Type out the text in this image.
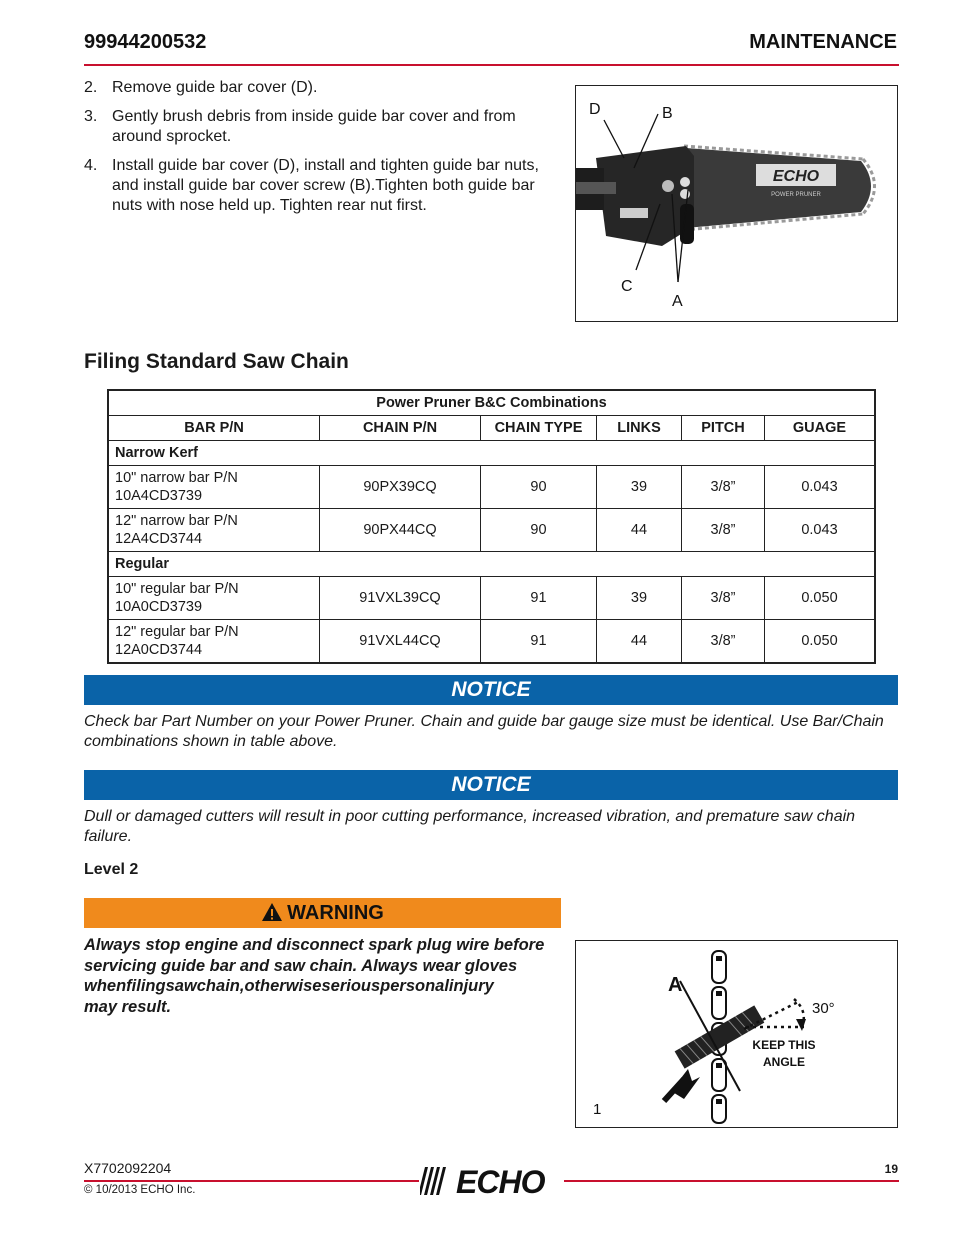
99944200532	MAINTENANCE
2. Remove guide bar cover (D).
3. Gently brush debris from inside guide bar cover and from around sprocket.
4. Install guide bar cover (D), install and tighten guide bar nuts, and install guide bar cover screw (B).Tighten both guide bar nuts with nose held up. Tighten rear nut first.
ECHO
POWER PRUNER
D	B
C
A
Filing Standard Saw Chain
Power Pruner B&C Combinations					
BAR P/N	CHAIN P/N	CHAIN TYPE	LINKS	PITCH	GUAGE
Narrow Kerf					
10" narrow bar P/N
10A4CD3739	90PX39CQ	90	39	3/8”	0.043
12" narrow bar P/N
12A4CD3744	90PX44CQ	90	44	3/8”	0.043
Regular					
10" regular bar P/N
10A0CD3739	91VXL39CQ	91	39	3/8”	0.050
12" regular bar P/N
12A0CD3744	91VXL44CQ	91	44	3/8”	0.050
NOTICE
Check bar Part Number on your Power Pruner. Chain and guide bar gauge size must be identical. Use Bar/Chain combinations shown in table above.
NOTICE
Dull or damaged cutters will result in poor cutting performance, increased vibration, and premature saw chain failure.
Level 2
WARNING
Always stop engine and disconnect spark plug wire before
servicing guide bar and saw chain. Always wear gloves
whenfilingsawchain,otherwiseseriouspersonalinjury
may result.
A
30°
KEEP THIS
ANGLE
1
X7702092204
© 10/2013 ECHO Inc.
19
ECHO
